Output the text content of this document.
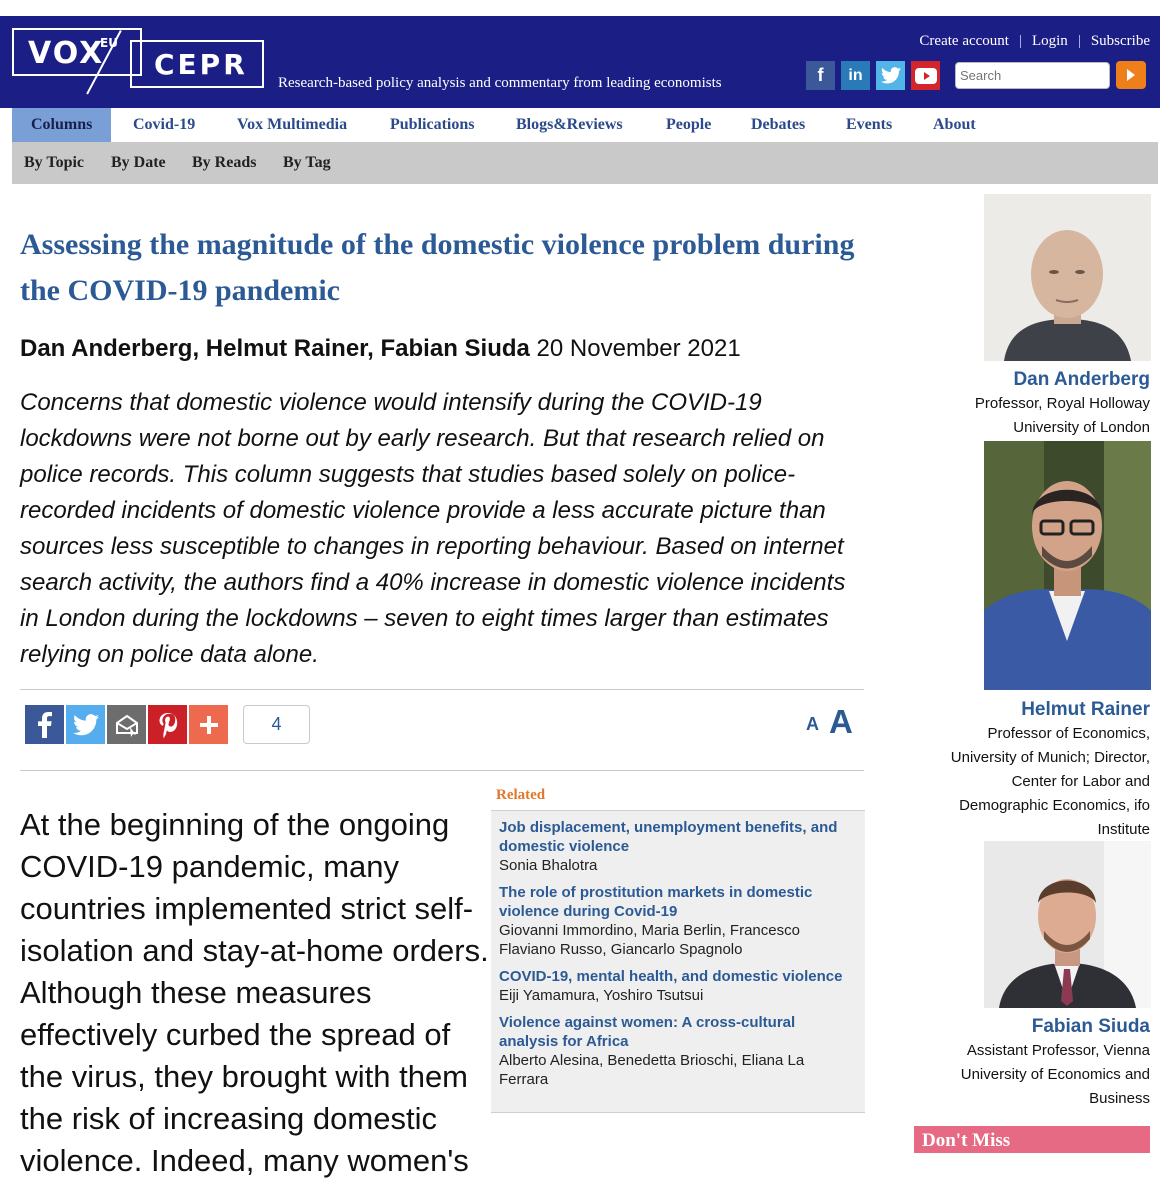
VOX
EU
CEPR
Research-based policy analysis and commentary from leading economists
Create account | Login | Subscribe
f	in
Search
Columns	Covid-19	Vox Multimedia	Publications	Blogs&Reviews	People Debates	Events	About
By Topic By Date By Reads By Tag
Assessing the magnitude of the domestic violence problem during the COVID-19 pandemic
Dan Anderberg, Helmut Rainer, Fabian Siuda 20 November 2021

Concerns that domestic violence would intensify during the COVID-19 lockdowns were not borne out by early research. But that research relied on police records. This column suggests that studies based solely on police-recorded incidents of domestic violence provide a less accurate picture than sources less susceptible to changes in reporting behaviour. Based on internet search activity, the authors find a 40% increase in domestic violence incidents in London during the lockdowns – seven to eight times larger than estimates relying on police data alone.

4	A A

At the beginning of the ongoing COVID-19 pandemic, many countries implemented strict self-isolation and stay-at-home orders. Although these measures effectively curbed the spread of the virus, they brought with them the risk of increasing domestic violence. Indeed, many women's

Related
Job displacement, unemployment benefits, and domestic violence
Sonia Bhalotra
The role of prostitution markets in domestic violence during Covid-19
Giovanni Immordino, Maria Berlin, Francesco Flaviano Russo, Giancarlo Spagnolo
COVID-19, mental health, and domestic violence
Eiji Yamamura, Yoshiro Tsutsui
Violence against women: A cross-cultural analysis for Africa
Alberto Alesina, Benedetta Brioschi, Eliana La Ferrara
Dan Anderberg
Professor, Royal Holloway
University of London
Helmut Rainer
Professor of Economics,
University of Munich; Director,
Center for Labor and
Demographic Economics, ifo
Institute
Fabian Siuda
Assistant Professor, Vienna
University of Economics and
Business
Don't Miss
